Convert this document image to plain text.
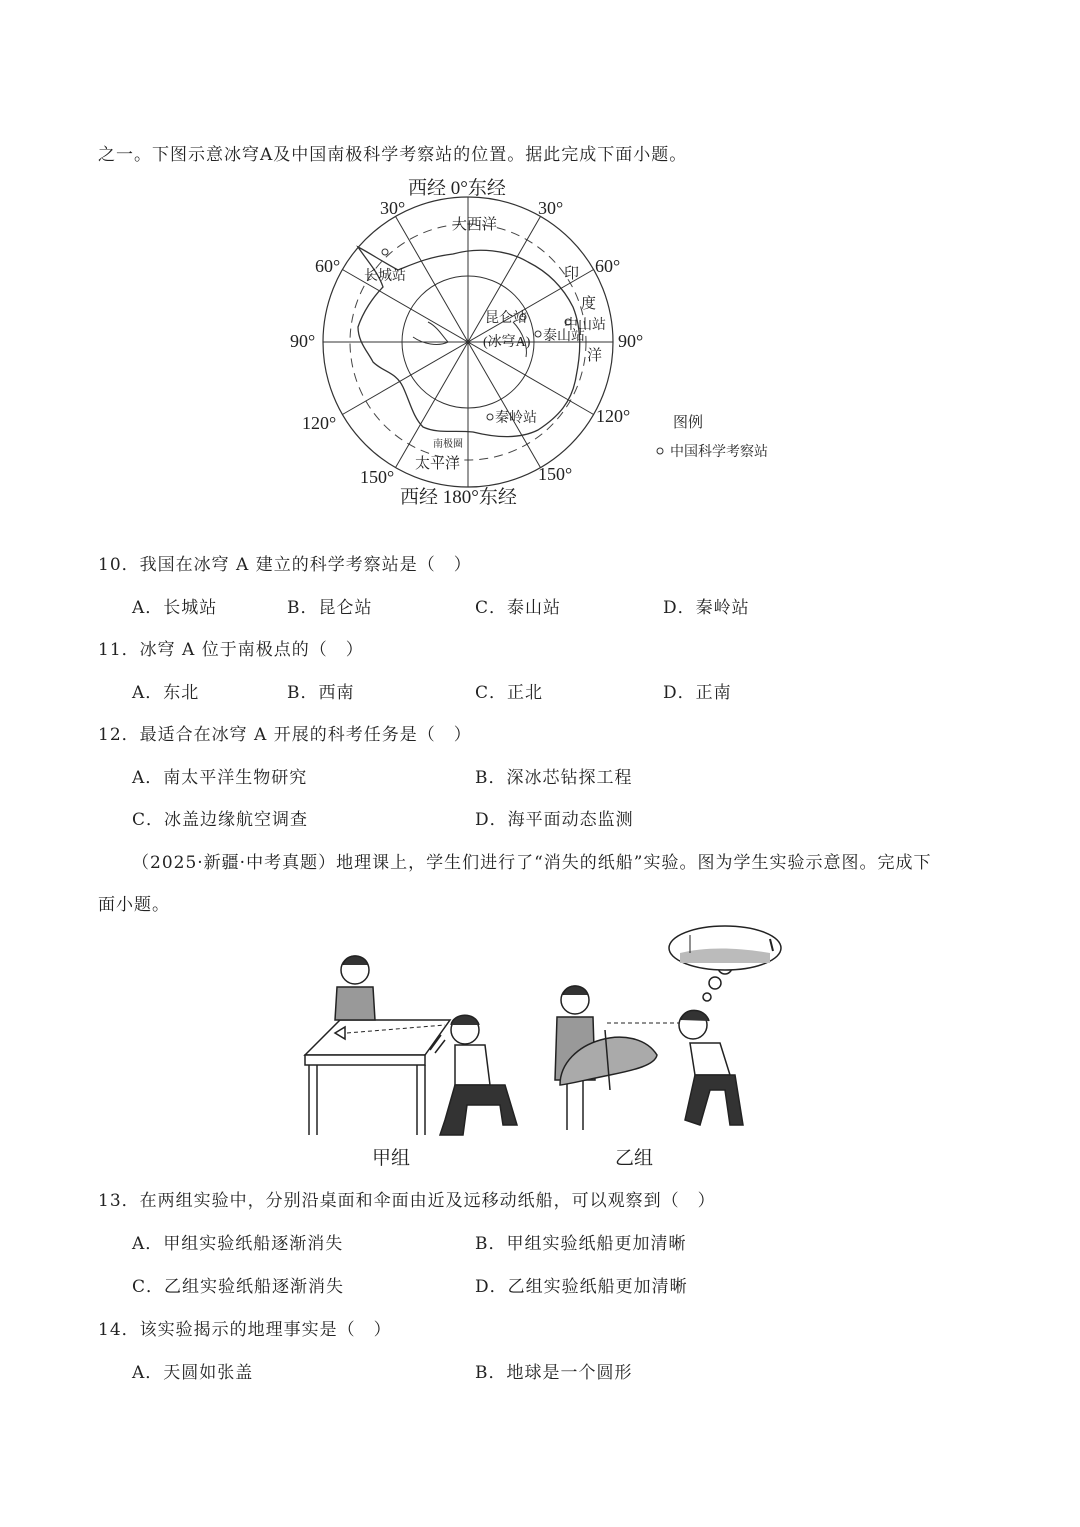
之一。下图示意冰穹A及中国南极科学考察站的位置。据此完成下面小题。
西经 0°东经
西经 180°东经
30°	30°
60°	60°
90°	90°
120°	120°
150°	150°
大西洋
太平洋
南极圈
印
度
洋
长城站
昆仑站
(冰穹A)
中山站
泰山站
秦岭站	图例
中国科学考察站
10．我国在冰穹 A 建立的科学考察站是（　）
A．长城站	B．昆仑站	C．泰山站	D．秦岭站
11．冰穹 A 位于南极点的（　）
A．东北	B．西南	C．正北	D．正南
12．最适合在冰穹 A 开展的科考任务是（　）
A．南太平洋生物研究	B．深冰芯钻探工程
C．冰盖边缘航空调查	D．海平面动态监测
（2025·新疆·中考真题）地理课上，学生们进行了“消失的纸船”实验。图为学生实验示意图。完成下
面小题。
甲组	乙组
13．在两组实验中，分别沿桌面和伞面由近及远移动纸船，可以观察到（　）
A．甲组实验纸船逐渐消失	B．甲组实验纸船更加清晰
C．乙组实验纸船逐渐消失	D．乙组实验纸船更加清晰
14．该实验揭示的地理事实是（　）
A．天圆如张盖	B．地球是一个圆形
